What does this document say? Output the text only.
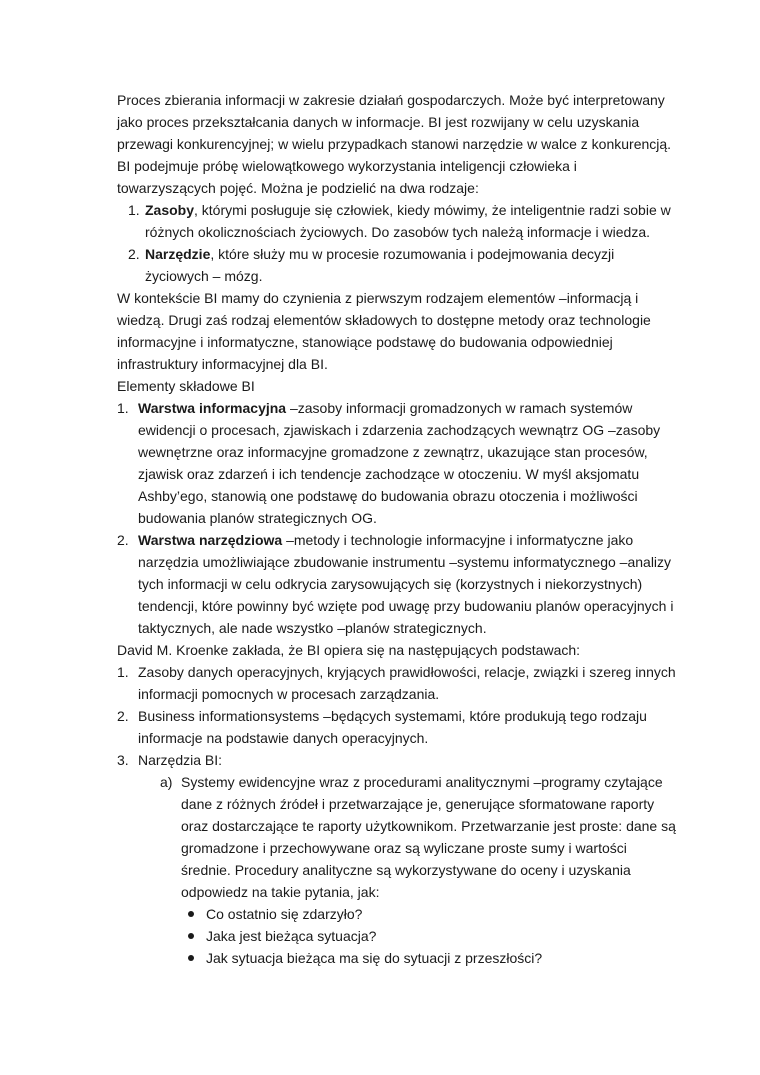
Proces zbierania informacji w zakresie działań gospodarczych. Może być interpretowany jako proces przekształcania danych w informacje. BI jest rozwijany w celu uzyskania przewagi konkurencyjnej; w wielu przypadkach stanowi narzędzie w walce z konkurencją.

BI podejmuje próbę wielowątkowego wykorzystania inteligencji człowieka i towarzyszących pojęć. Można je podzielić na dwa rodzaje:

1. Zasoby, którymi posługuje się człowiek, kiedy mówimy, że inteligentnie radzi sobie w różnych okolicznościach życiowych. Do zasobów tych należą informacje i wiedza.
2. Narzędzie, które służy mu w procesie rozumowania i podejmowania decyzji życiowych – mózg.

W kontekście BI mamy do czynienia z pierwszym rodzajem elementów –informacją i wiedzą. Drugi zaś rodzaj elementów składowych to dostępne metody oraz technologie informacyjne i informatyczne, stanowiące podstawę do budowania odpowiedniej infrastruktury informacyjnej dla BI.

Elementy składowe BI

1. Warstwa informacyjna –zasoby informacji gromadzonych w ramach systemów ewidencji o procesach, zjawiskach i zdarzenia zachodzących wewnątrz OG –zasoby wewnętrzne oraz informacyjne gromadzone z zewnątrz, ukazujące stan procesów, zjawisk oraz zdarzeń i ich tendencje zachodzące w otoczeniu. W myśl aksjomatu Ashby’ego, stanowią one podstawę do budowania obrazu otoczenia i możliwości budowania planów strategicznych OG.
2. Warstwa narzędziowa –metody i technologie informacyjne i informatyczne jako narzędzia umożliwiające zbudowanie instrumentu –systemu informatycznego –analizy tych informacji w celu odkrycia zarysowujących się (korzystnych i niekorzystnych) tendencji, które powinny być wzięte pod uwagę przy budowaniu planów operacyjnych i taktycznych, ale nade wszystko –planów strategicznych.

David M. Kroenke zakłada, że BI opiera się na następujących podstawach:

1. Zasoby danych operacyjnych, kryjących prawidłowości, relacje, związki i szereg innych informacji pomocnych w procesach zarządzania.
2. Business informationsystems –będących systemami, które produkują tego rodzaju informacje na podstawie danych operacyjnych.
3. Narzędzia BI:
a) Systemy ewidencyjne wraz z procedurami analitycznymi –programy czytające dane z różnych źródeł i przetwarzające je, generujące sformatowane raporty oraz dostarczające te raporty użytkownikom. Przetwarzanie jest proste: dane są gromadzone i przechowywane oraz są wyliczane proste sumy i wartości średnie. Procedury analityczne są wykorzystywane do oceny i uzyskania odpowiedz na takie pytania, jak:
Co ostatnio się zdarzyło?
Jaka jest bieżąca sytuacja?
Jak sytuacja bieżąca ma się do sytuacji z przeszłości?
